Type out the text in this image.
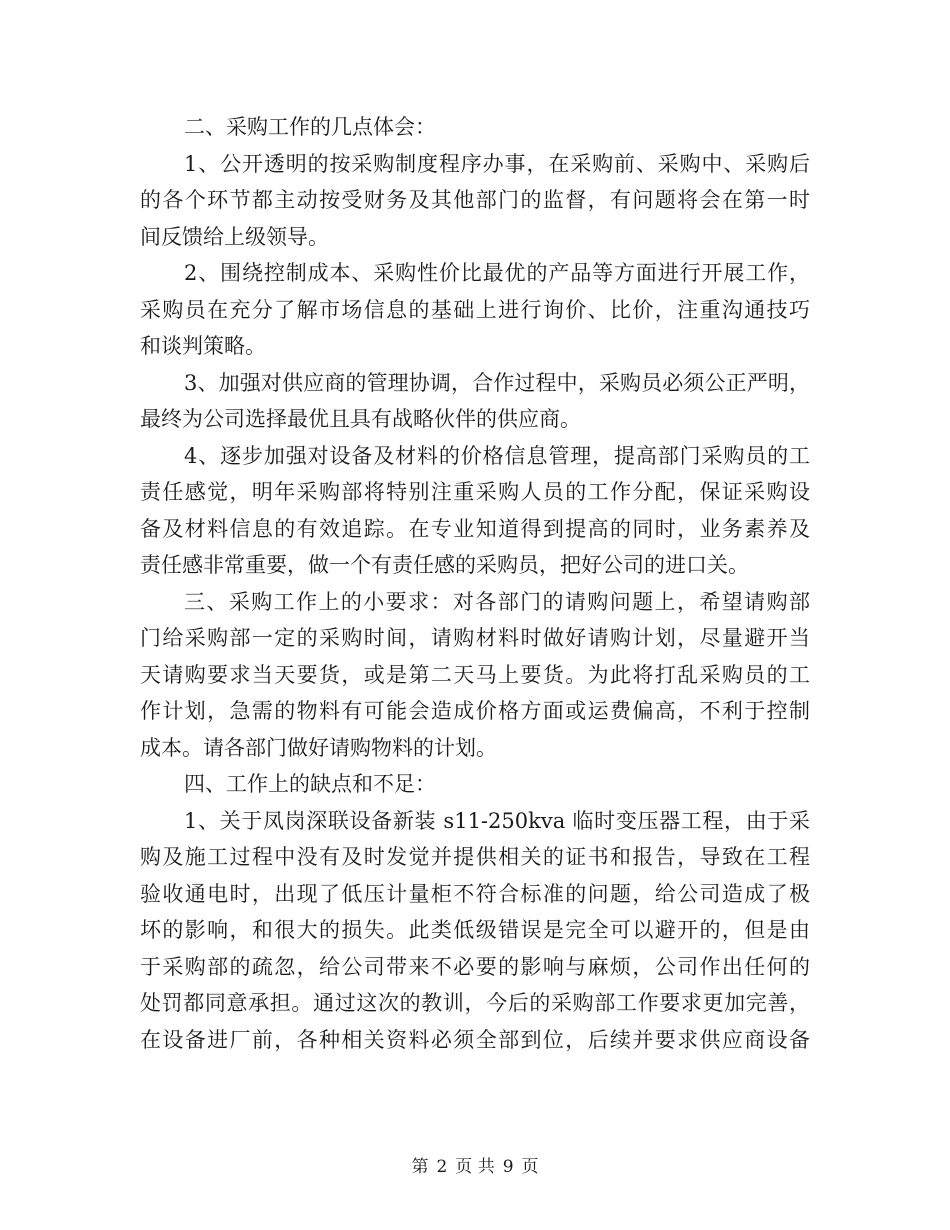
二、采购工作的几点体会：
1、公开透明的按采购制度程序办事，在采购前、采购中、采购后
的各个环节都主动按受财务及其他部门的监督，有问题将会在第一时
间反馈给上级领导。
2、围绕控制成本、采购性价比最优的产品等方面进行开展工作，
采购员在充分了解市场信息的基础上进行询价、比价，注重沟通技巧
和谈判策略。
3、加强对供应商的管理协调，合作过程中，采购员必须公正严明，
最终为公司选择最优且具有战略伙伴的供应商。
4、逐步加强对设备及材料的价格信息管理，提高部门采购员的工
责任感觉，明年采购部将特别注重采购人员的工作分配，保证采购设
备及材料信息的有效追踪。在专业知道得到提高的同时，业务素养及
责任感非常重要，做一个有责任感的采购员，把好公司的进口关。
三、采购工作上的小要求：对各部门的请购问题上，希望请购部
门给采购部一定的采购时间，请购材料时做好请购计划，尽量避开当
天请购要求当天要货，或是第二天马上要货。为此将打乱采购员的工
作计划，急需的物料有可能会造成价格方面或运费偏高，不利于控制
成本。请各部门做好请购物料的计划。
四、工作上的缺点和不足：
1、关于凤岗深联设备新装 s11-250kva 临时变压器工程，由于采
购及施工过程中没有及时发觉并提供相关的证书和报告，导致在工程
验收通电时，出现了低压计量柜不符合标准的问题，给公司造成了极
坏的影响，和很大的损失。此类低级错误是完全可以避开的，但是由
于采购部的疏忽，给公司带来不必要的影响与麻烦，公司作出任何的
处罚都同意承担。通过这次的教训，今后的采购部工作要求更加完善，
在设备进厂前，各种相关资料必须全部到位，后续并要求供应商设备
第 2 页 共 9 页
